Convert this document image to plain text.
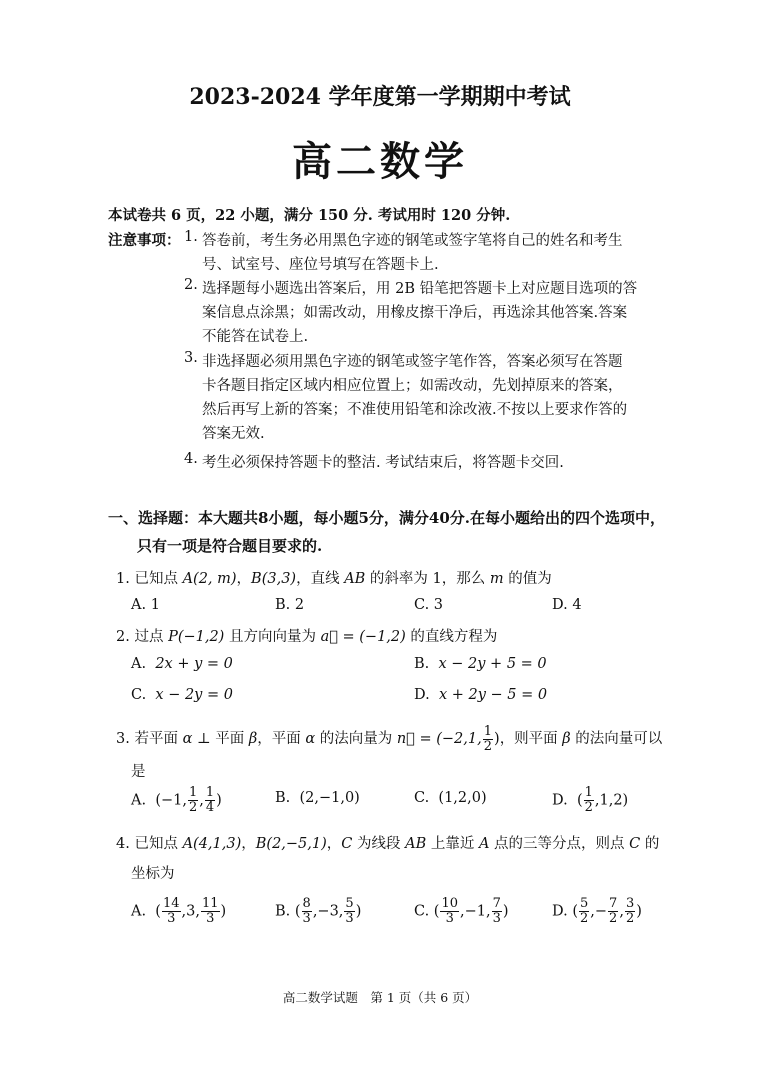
2023-2024 学年度第一学期期中考试
高二数学
本试卷共 6 页，22 小题，满分 150 分. 考试用时 120 分钟.
注意事项： 1. 答卷前，考生务必用黑色字迹的钢笔或签字笔将自己的姓名和考生
号、试室号、座位号填写在答题卡上.
2. 选择题每小题选出答案后，用 2B 铅笔把答题卡上对应题目选项的答
案信息点涂黑；如需改动，用橡皮擦干净后，再选涂其他答案.答案
不能答在试卷上.
3. 非选择题必须用黑色字迹的钢笔或签字笔作答，答案必须写在答题
卡各题目指定区域内相应位置上；如需改动，先划掉原来的答案，
然后再写上新的答案；不准使用铅笔和涂改液.不按以上要求作答的
答案无效.
4. 考生必须保持答题卡的整洁. 考试结束后，将答题卡交回.
一、选择题：本大题共8小题，每小题5分，满分40分.在每小题给出的四个选项中，
只有一项是符合题目要求的.
1. 已知点 A(2, m)，B(3,3)，直线 AB 的斜率为 1，那么 m 的值为
A. 1	B. 2	C. 3	D. 4
2. 过点 P(−1,2) 且方向向量为 a⃗ = (−1,2) 的直线方程为
A. 2x + y = 0	B. x − 2y + 5 = 0
C. x − 2y = 0	D. x + 2y − 5 = 0
3. 若平面 α ⊥ 平面 β，平面 α 的法向量为 n⃗ = (−2,1, $\frac{1}{2}$ )，则平面 β 的法向量可以
是
A. (−1, $\frac{1}{2}$ , $\frac{1}{4}$ )	B. (2,−1,0)	C. (1,2,0)	D. ( $\frac{1}{2} ,1,2$)
4. 已知点 A(4,1,3)，B(2,−5,1)，C 为线段 AB 上靠近 A 点的三等分点，则点 C 的
坐标为
A.  ( $\frac{14}{3} ,3$, $\frac{11}{3}$ )	B. ( $\frac{8}{3} ,-3$, $\frac{5}{3}$ )	C. ( $\frac{10}{3} ,-1$, $\frac{7}{3}$ )	D. ( $\frac{5}{2}$ ,− $\frac{7}{2}$ , $\frac{3}{2}$ )
高二数学试题　第 1 页（共 6 页）
